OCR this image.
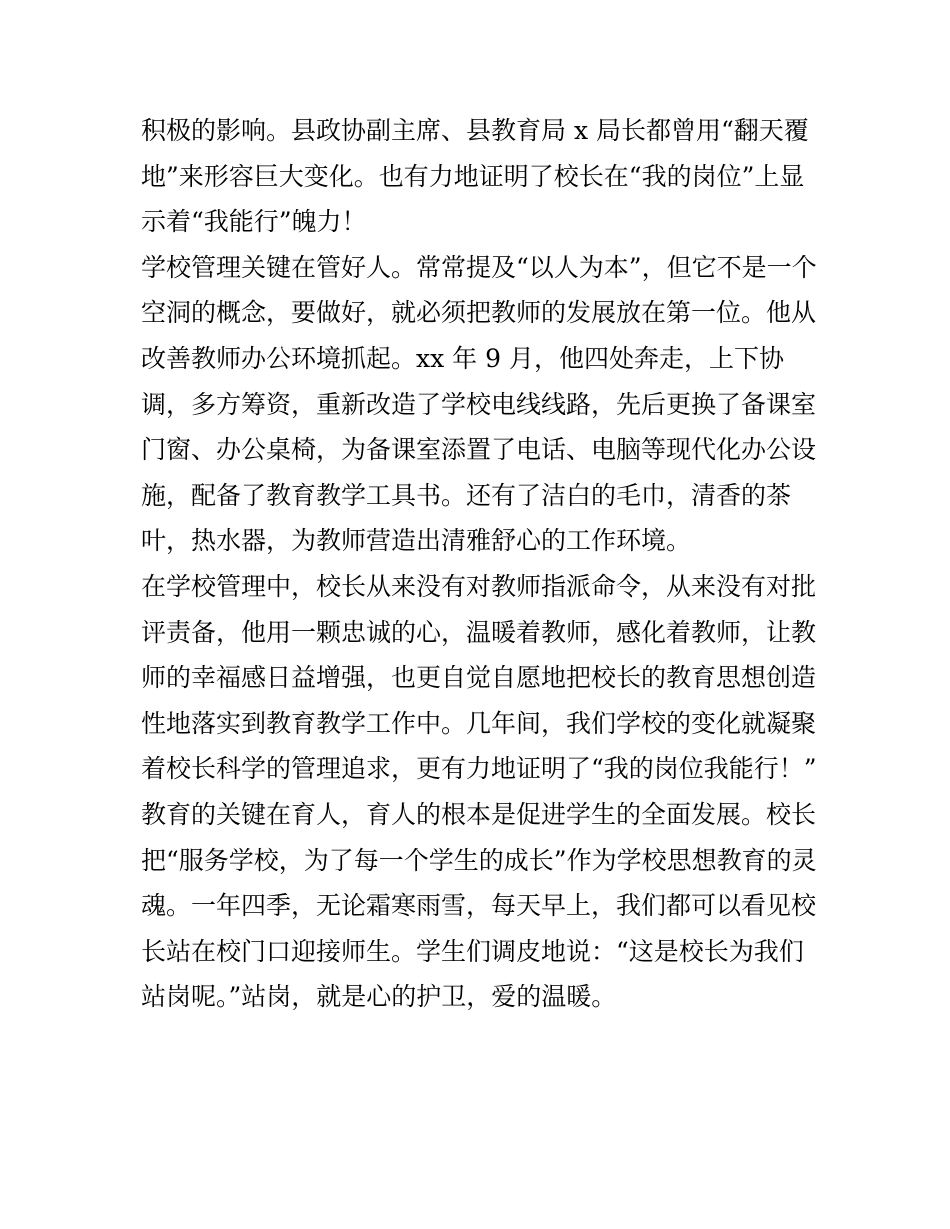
积极的影响。县政协副主席、县教育局 x 局长都曾用“翻天覆
地”来形容巨大变化。也有力地证明了校长在“我的岗位”上显
示着“我能行”魄力！
学校管理关键在管好人。常常提及“以人为本”，但它不是一个
空洞的概念，要做好，就必须把教师的发展放在第一位。他从
改善教师办公环境抓起。xx 年 9 月，他四处奔走，上下协
调，多方筹资，重新改造了学校电线线路，先后更换了备课室
门窗、办公桌椅，为备课室添置了电话、电脑等现代化办公设
施，配备了教育教学工具书。还有了洁白的毛巾，清香的茶
叶，热水器，为教师营造出清雅舒心的工作环境。
在学校管理中，校长从来没有对教师指派命令，从来没有对批
评责备，他用一颗忠诚的心，温暖着教师，感化着教师，让教
师的幸福感日益增强，也更自觉自愿地把校长的教育思想创造
性地落实到教育教学工作中。几年间，我们学校的变化就凝聚
着校长科学的管理追求，更有力地证明了“我的岗位我能行！”
教育的关键在育人，育人的根本是促进学生的全面发展。校长
把“服务学校，为了每一个学生的成长”作为学校思想教育的灵
魂。一年四季，无论霜寒雨雪，每天早上，我们都可以看见校
长站在校门口迎接师生。学生们调皮地说：“这是校长为我们
站岗呢。”站岗，就是心的护卫，爱的温暖。
